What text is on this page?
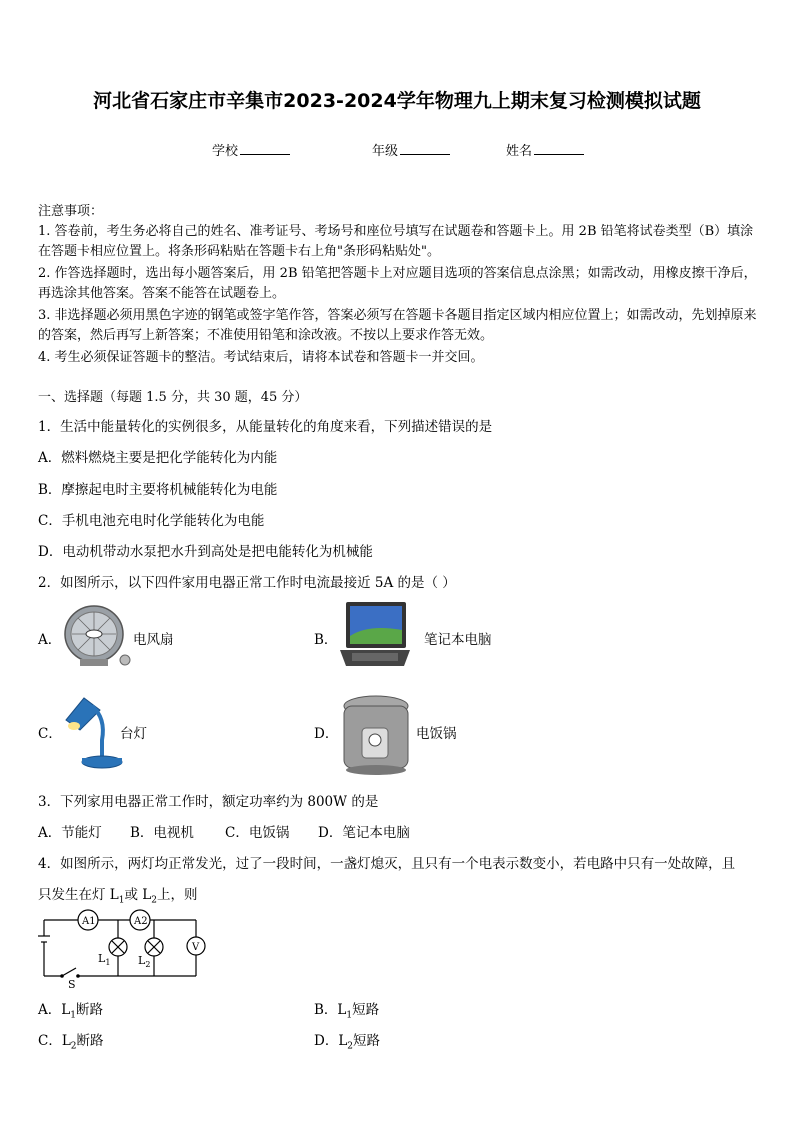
河北省石家庄市辛集市2023-2024学年物理九上期末复习检测模拟试题
学校	年级	姓名
注意事项：
1. 答卷前，考生务必将自己的姓名、准考证号、考场号和座位号填写在试题卷和答题卡上。用 2B 铅笔将试卷类型（B）填涂在答题卡相应位置上。将条形码粘贴在答题卡右上角"条形码粘贴处"。
2. 作答选择题时，选出每小题答案后，用 2B 铅笔把答题卡上对应题目选项的答案信息点涂黑；如需改动，用橡皮擦干净后，再选涂其他答案。答案不能答在试题卷上。
3. 非选择题必须用黑色字迹的钢笔或签字笔作答，答案必须写在答题卡各题目指定区域内相应位置上；如需改动，先划掉原来的答案，然后再写上新答案；不准使用铅笔和涂改液。不按以上要求作答无效。
4. 考生必须保证答题卡的整洁。考试结束后，请将本试卷和答题卡一并交回。
一、选择题（每题 1.5 分，共 30 题，45 分）
1．生活中能量转化的实例很多，从能量转化的角度来看，下列描述错误的是
A．燃料燃烧主要是把化学能转化为内能
B．摩擦起电时主要将机械能转化为电能
C．手机电池充电时化学能转化为电能
D．电动机带动水泵把水升到高处是把电能转化为机械能
2．如图所示，以下四件家用电器正常工作时电流最接近 5A 的是（ ）
A．	电风扇	B．	笔记本电脑
C．	台灯	D．	电饭锅
3．下列家用电器正常工作时，额定功率约为 800W 的是
A．节能灯 B．电视机 C．电饭锅 D．笔记本电脑
4．如图所示，两灯均正常发光，过了一段时间，一盏灯熄灭，且只有一个电表示数变小，若电路中只有一处故障，且
只发生在灯 $L_1$或 $L_2$上，则
A1	A2
V
$L_1$	$L_2$
S
A．$L_1$断路	B．$L_1$短路
C．$L_2$断路	D．$L_2$短路
